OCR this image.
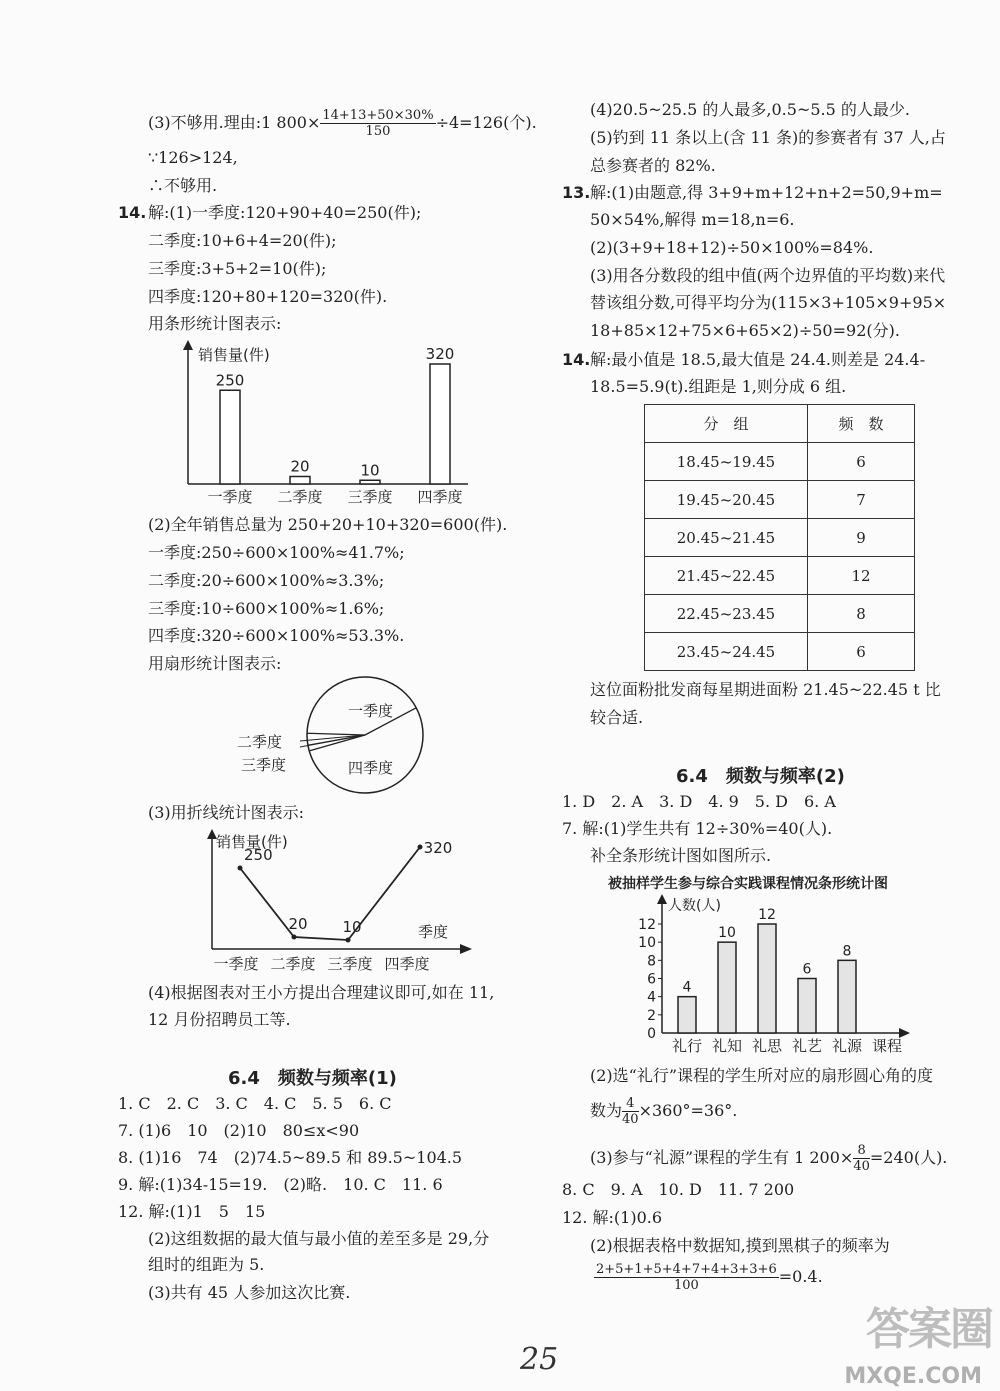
(3)不够用.理由:1 $800\times \frac{14+13+50\times 30\%}{150} \div 4=126$(个).
∵126>124,
∴不够用.
14. 解:(1)一季度:120+90+40=250(件);
二季度:10+6+4=20(件);
三季度:3+5+2=10(件);
四季度:120+80+120=320(件).
用条形统计图表示:
销售量(件)
250
一季度
20
二季度
10
三季度
320
四季度
(2)全年销售总量为 250+20+10+320=600(件).
一季度:250÷600×100%≈41.7%;
二季度:20÷600×100%≈3.3%;
三季度:10÷600×100%≈1.6%;
四季度:320÷600×100%≈53.3%.
用扇形统计图表示:
一季度
二季度
三季度	四季度
(3)用折线统计图表示:
销售量(件)
季度
250
20 10
320
一季度 二季度 三季度 四季度
(4)根据图表对王小方提出合理建议即可,如在 11,
12 月份招聘员工等.
6.4　频数与频率(1)
1. C　2. C　3. C　4. C　5. 5　6. C
7. (1)6　10　(2)10　80≤x<90
8. (1)16　74　(2)74.5~89.5 和 89.5~104.5
9. 解:(1)34-15=19.　(2)略.　10. C　11. 6
12. 解:(1)1　5　15
(2)这组数据的最大值与最小值的差至多是 29,分
组时的组距为 5.
(3)共有 45 人参加这次比赛.
(4)20.5~25.5 的人最多,0.5~5.5 的人最少.
(5)钓到 11 条以上(含 11 条)的参赛者有 37 人,占
总参赛者的 82%.
13. 解:(1)由题意,得 3+9+m+12+n+2=50,9+m=
50×54%,解得 m=18,n=6.
(2)(3+9+18+12)÷50×100%=84%.
(3)用各分数段的组中值(两个边界值的平均数)来代
替该组分数,可得平均分为(115×3+105×9+95×
18+85×12+75×6+65×2)÷50=92(分).
14. 解:最小值是 18.5,最大值是 24.4.则差是 24.4-
18.5=5.9(t).组距是 1,则分成 6 组.
分　组	频　数
18.45~19.45	6
19.45~20.45	7
20.45~21.45	9
21.45~22.45	12
22.45~23.45	8
23.45~24.45	6
这位面粉批发商每星期进面粉 21.45~22.45 t 比
较合适.
6.4　频数与频率(2)
1. D　2. A　3. D　4. 9　5. D　6. A
7. 解:(1)学生共有 12÷30%=40(人).
补全条形统计图如图所示.
被抽样学生参与综合实践课程情况条形统计图
人数(人)
课程
0
2
4
6
8
10
12
4
礼行
10
礼知
12
礼思
6
礼艺
8
礼源
(2)选“礼行”课程的学生所对应的扇形圆心角的度
数为 $\frac{4}{40} \times 360^\circ=36^\circ$.
(3)参与“礼源”课程的学生有 1 $200\times \frac{8}{40} =240$(人).
8. C　9. A　10. D　11. 7 200
12. 解:(1)0.6
(2)根据表格中数据知,摸到黑棋子的频率为
$\frac{2+5+1+5+4+7+4+3+3+6}{100} =0.4$.
25
答案圈
MXQE.COM
